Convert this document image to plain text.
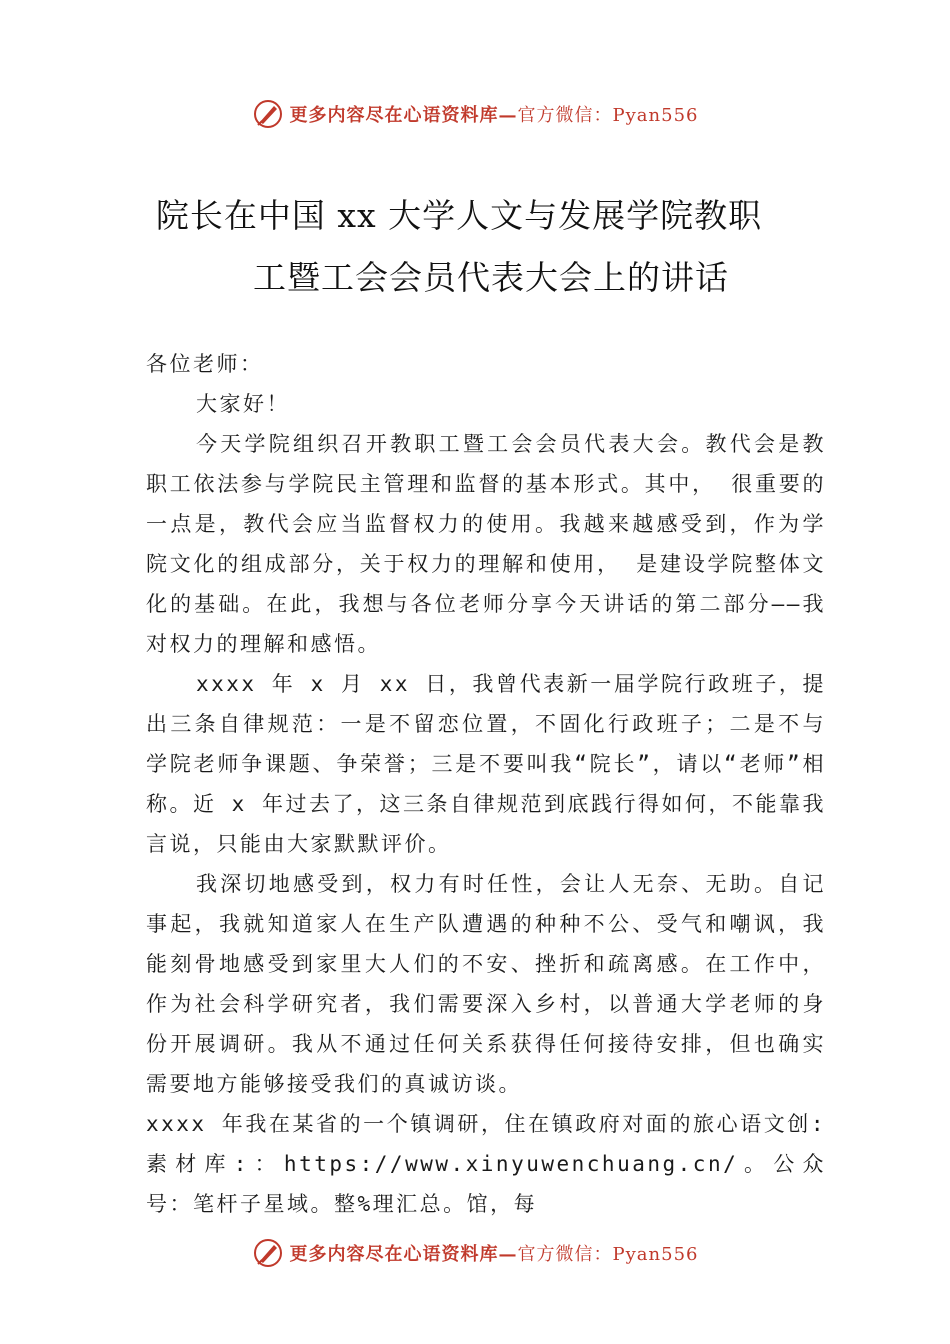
更多内容尽在心语资料库—官方微信：Pyan556
院长在中国 xx 大学人文与发展学院教职
工暨工会会员代表大会上的讲话

各位老师：

大家好！

今天学院组织召开教职工暨工会会员代表大会。教代会是教职工依法参与学院民主管理和监督的基本形式。其中， 很重要的一点是，教代会应当监督权力的使用。我越来越感受到，作为学院文化的组成部分，关于权力的理解和使用， 是建设学院整体文化的基础。在此，我想与各位老师分享今天讲话的第二部分——我对权力的理解和感悟。

xxxx 年 x 月 xx 日，我曾代表新一届学院行政班子，提出三条自律规范：一是不留恋位置，不固化行政班子；二是不与学院老师争课题、争荣誉；三是不要叫我“院长”，请以“老师”相称。近 x 年过去了，这三条自律规范到底践行得如何，不能靠我言说，只能由大家默默评价。

我深切地感受到，权力有时任性，会让人无奈、无助。自记事起，我就知道家人在生产队遭遇的种种不公、受气和嘲讽，我能刻骨地感受到家里大人们的不安、挫折和疏离感。在工作中，作为社会科学研究者，我们需要深入乡村，以普通大学老师的身份开展调研。我从不通过任何关系获得任何接待安排，但也确实需要地方能够接受我们的真诚访谈。

xxxx 年我在某省的一个镇调研，住在镇政府对面的旅心语文创:素材库:：https://www.xinyuwenchuang.cn/。公众号：笔杆子星域。整%理汇总。馆，每

更多内容尽在心语资料库—官方微信：Pyan556
